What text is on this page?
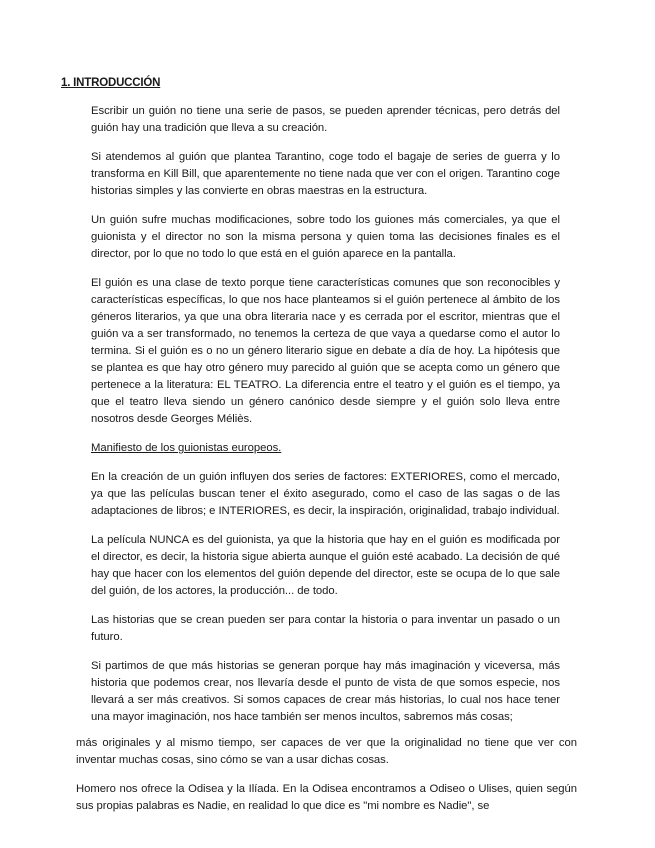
1. INTRODUCCIÓN

Escribir un guión no tiene una serie de pasos, se pueden aprender técnicas, pero detrás del guión hay una tradición que lleva a su creación.

Si atendemos al guión que plantea Tarantino, coge todo el bagaje de series de guerra y lo transforma en Kill Bill, que aparentemente no tiene nada que ver con el origen. Tarantino coge historias simples y las convierte en obras maestras en la estructura.

Un guión sufre muchas modificaciones, sobre todo los guiones más comerciales, ya que el guionista y el director no son la misma persona y quien toma las decisiones finales es el director, por lo que no todo lo que está en el guión aparece en la pantalla.

El guión es una clase de texto porque tiene características comunes que son reconocibles y características específicas, lo que nos hace planteamos si el guión pertenece al ámbito de los géneros literarios, ya que una obra literaria nace y es cerrada por el escritor, mientras que el guión va a ser transformado, no tenemos la certeza de que vaya a quedarse como el autor lo termina. Si el guión es o no un género literario sigue en debate a día de hoy. La hipótesis que se plantea es que hay otro género muy parecido al guión que se acepta como un género que pertenece a la literatura: EL TEATRO. La diferencia entre el teatro y el guión es el tiempo, ya que el teatro lleva siendo un género canónico desde siempre y el guión solo lleva entre nosotros desde Georges Méliès.

Manifiesto de los guionistas europeos.

En la creación de un guión influyen dos series de factores: EXTERIORES, como el mercado, ya que las películas buscan tener el éxito asegurado, como el caso de las sagas o de las adaptaciones de libros; e INTERIORES, es decir, la inspiración, originalidad, trabajo individual.

La película NUNCA es del guionista, ya que la historia que hay en el guión es modificada por el director, es decir, la historia sigue abierta aunque el guión esté acabado. La decisión de qué hay que hacer con los elementos del guión depende del director, este se ocupa de lo que sale del guión, de los actores, la producción... de todo.

Las historias que se crean pueden ser para contar la historia o para inventar un pasado o un futuro.

Si partimos de que más historias se generan porque hay más imaginación y viceversa, más historia que podemos crear, nos llevaría desde el punto de vista de que somos especie, nos llevará a ser más creativos. Si somos capaces de crear más historias, lo cual nos hace tener una mayor imaginación, nos hace también ser menos incultos, sabremos más cosas;

más originales y al mismo tiempo, ser capaces de ver que la originalidad no tiene que ver con inventar muchas cosas, sino cómo se van a usar dichas cosas.

Homero nos ofrece la Odisea y la Ilíada. En la Odisea encontramos a Odiseo o Ulises, quien según sus propias palabras es Nadie, en realidad lo que dice es "mi nombre es Nadie", se
